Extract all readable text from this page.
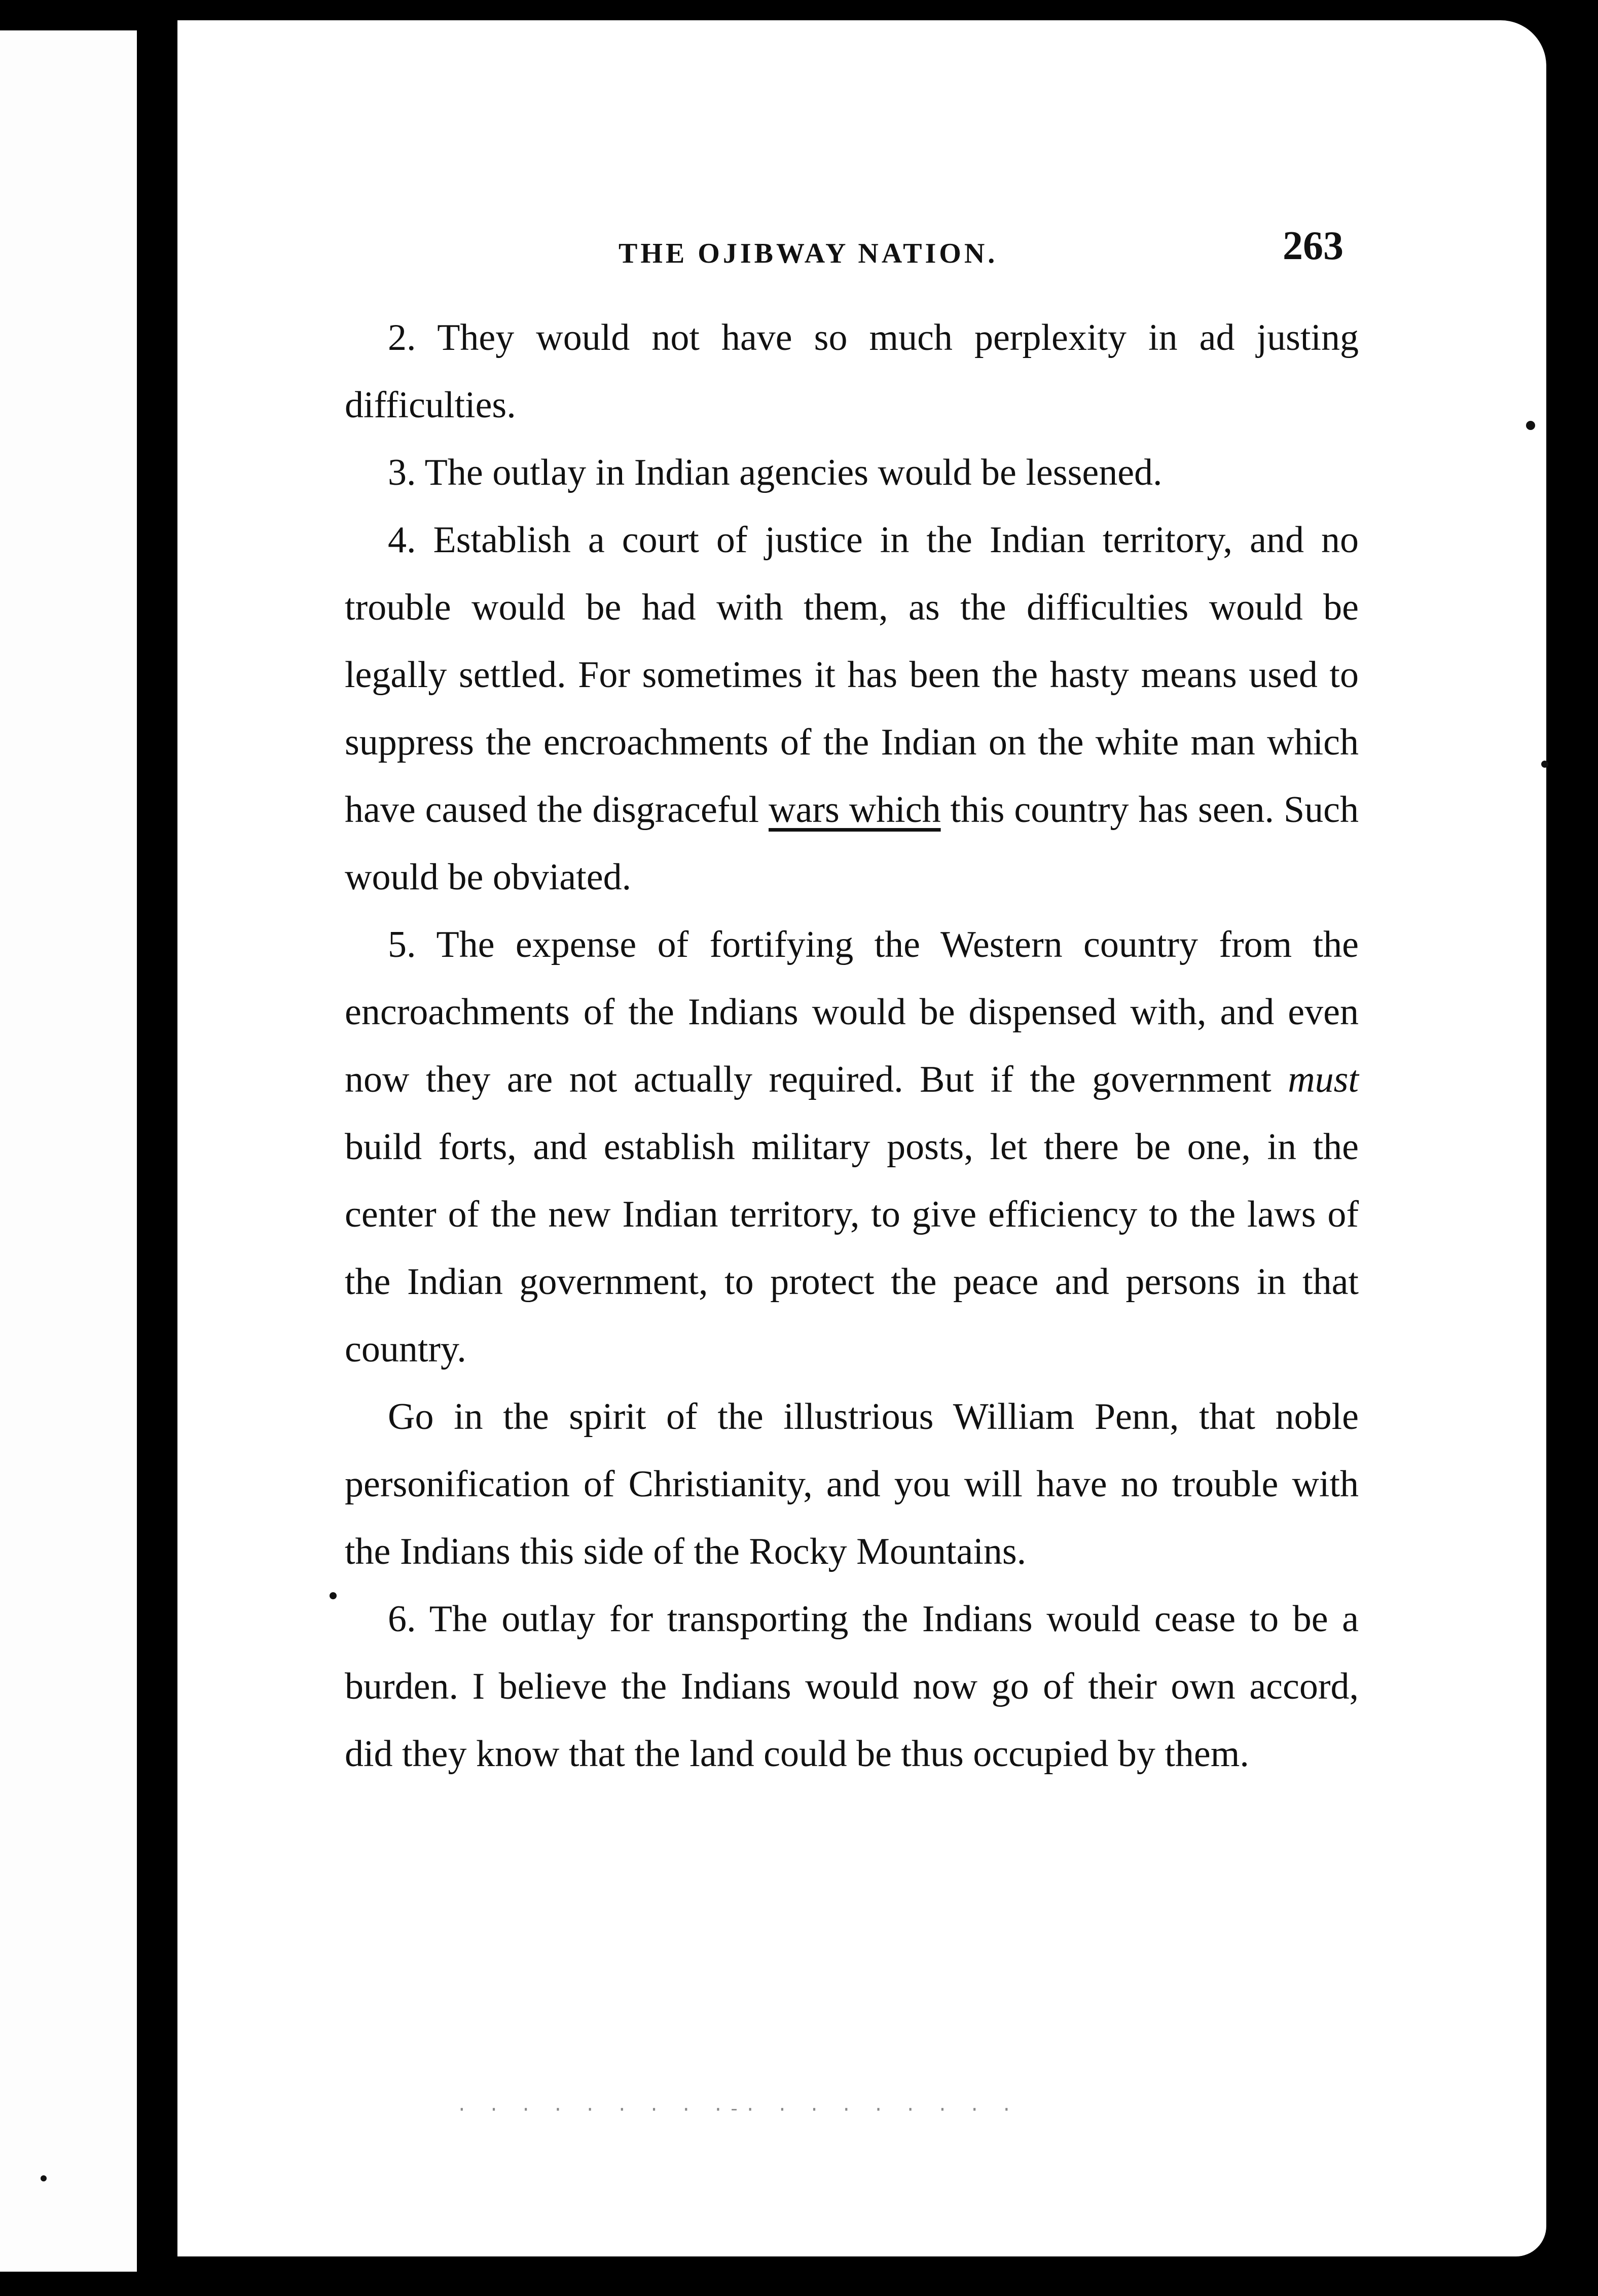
THE OJIBWAY NATION.	263

2. They would not have so much perplexity in ad justing difficulties.

3. The outlay in Indian agencies would be lessened.

4. Establish a court of justice in the Indian territory, and no trouble would be had with them, as the difficulties would be legally settled. For sometimes it has been the hasty means used to suppress the encroachments of the Indian on the white man which have caused the disgraceful wars which this country has seen. Such would be obviated.

5. The expense of fortifying the Western country from the encroachments of the Indians would be dispensed with, and even now they are not actually required. But if the government must build forts, and establish military posts, let there be one, in the center of the new Indian territory, to give efficiency to the laws of the Indian government, to protect the peace and persons in that country.

Go in the spirit of the illustrious William Penn, that noble personification of Christianity, and you will have no trouble with the Indians this side of the Rocky Mountains.

6. The outlay for transporting the Indians would cease to be a burden. I believe the Indians would now go of their own accord, did they know that the land could be thus occupied by them.

· · · · · · · · ·-· · · · · · · · ·
